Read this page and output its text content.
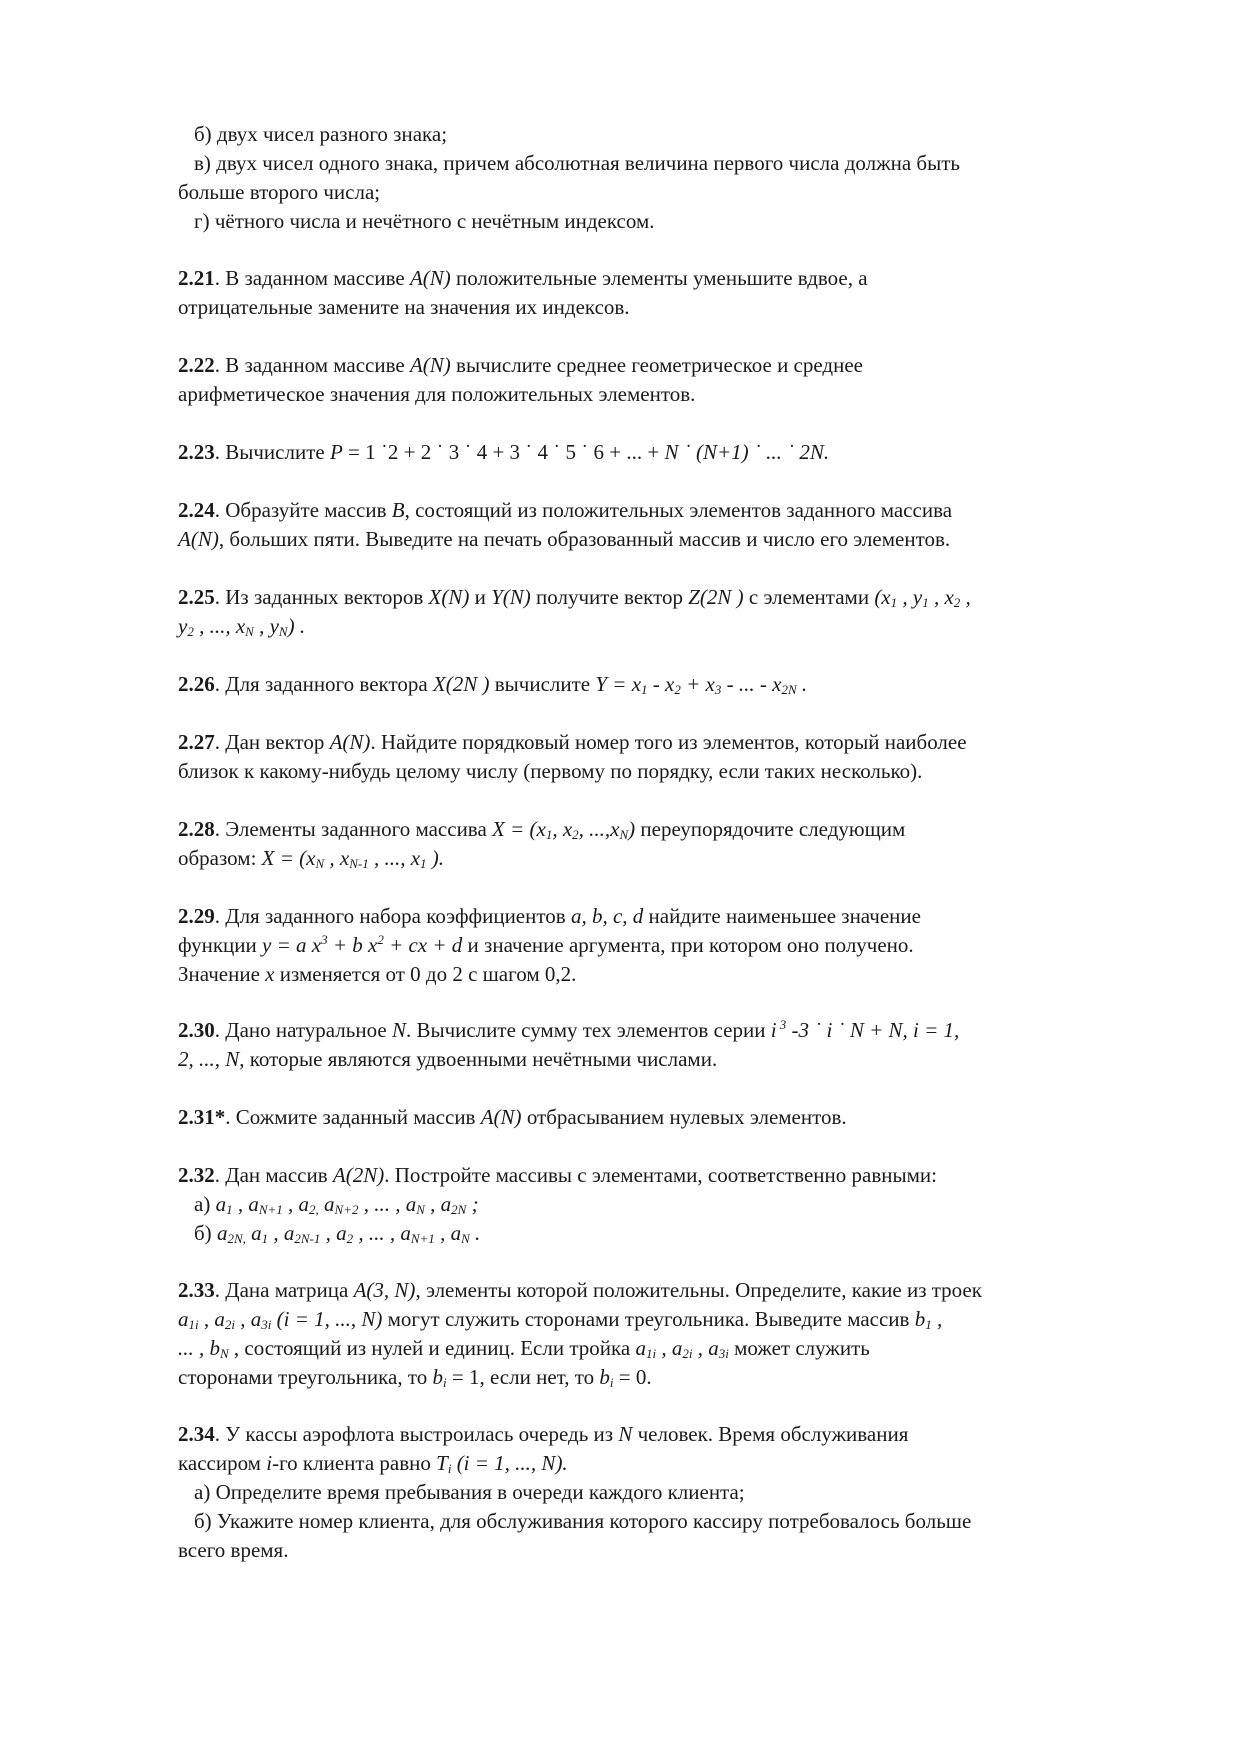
б) двух чисел разного знака;
в) двух чисел одного знака, причем абсолютная величина первого числа должна быть
больше второго числа;
г) чётного числа и нечётного с нечётным индексом.
2.21. В заданном массиве A(N) положительные элементы уменьшите вдвое, а
отрицательные замените на значения их индексов.
2.22. В заданном массиве A(N) вычислите среднее геометрическое и среднее
арифметическое значения для положительных элементов.
2.23. Вычислите P = 1 ˙2 + 2 ˙ 3 ˙ 4 + 3 ˙ 4 ˙ 5 ˙ 6 + ... + N ˙ (N+1) ˙ ... ˙ 2N.
2.24. Образуйте массив B, состоящий из положительных элементов заданного массива
A(N), больших пяти. Выведите на печать образованный массив и число его элементов.
2.25. Из заданных векторов X(N) и Y(N) получите вектор Z(2N ) с элементами ($x_1$ , $y_1$ , $x_2$ ,
$y_2$ , ..., $x_N$ , $y_N$) .
2.26. Для заданного вектора X(2N ) вычислите $Y = x_1 - x_2 + x_3$ - ... - $x_{2N}$ .
2.27. Дан вектор A(N). Найдите порядковый номер того из элементов, который наиболее
близок к какому-нибудь целому числу (первому по порядку, если таких несколько).
2.28. Элементы заданного массива $X = (x_1$, $x_2$, $...,x_N$) переупорядочите следующим
образом: $X = (x_N$ , $x_{N-1}$ , ..., $x_1$ ).
2.29. Для заданного набора коэффициентов a, b, c, d найдите наименьшее значение
функции y = a $x^3 + b$ $x^2$ + cx + d и значение аргумента, при котором оно получено.
Значение x изменяется от 0 до 2 с шагом 0,2.
2.30. Дано натуральное N. Вычислите сумму тех элементов серии i $^3$ -3 ˙ i ˙ N + N, i = 1,
2, ..., N, которые являются удвоенными нечётными числами.
2.31*. Сожмите заданный массив A(N) отбрасыванием нулевых элементов.
2.32. Дан массив A(2N). Постройте массивы с элементами, соответственно равными:
а) $a_1$ , $a_{N+1}$ , $a_{2,}$ $a_{N+2}$ , ... , $a_N$ , $a_{2N}$ ;
б) $a_{2N,}$ $a_1$ , $a_{2N-1}$ , $a_2$ , ... , $a_{N+1}$ , $a_N$ .
2.33. Дана матрица A(3, N), элементы которой положительны. Определите, какие из троек
$a_{1i}$ , $a_{2i}$ , $a_{3i}$ (i = 1, ..., N) могут служить сторонами треугольника. Выведите массив $b_1$ ,
... , $b_N$ , состоящий из нулей и единиц. Если тройка $a_{1i}$ , $a_{2i}$ , $a_{3i}$ может служить
сторонами треугольника, то $b_i = 1$, если нет, то $b_i = 0$.
2.34. У кассы аэрофлота выстроилась очередь из N человек. Время обслуживания
кассиром i-го клиента равно $T_i$ (i = 1, ..., N).
а) Определите время пребывания в очереди каждого клиента;
б) Укажите номер клиента, для обслуживания которого кассиру потребовалось больше
всего время.
